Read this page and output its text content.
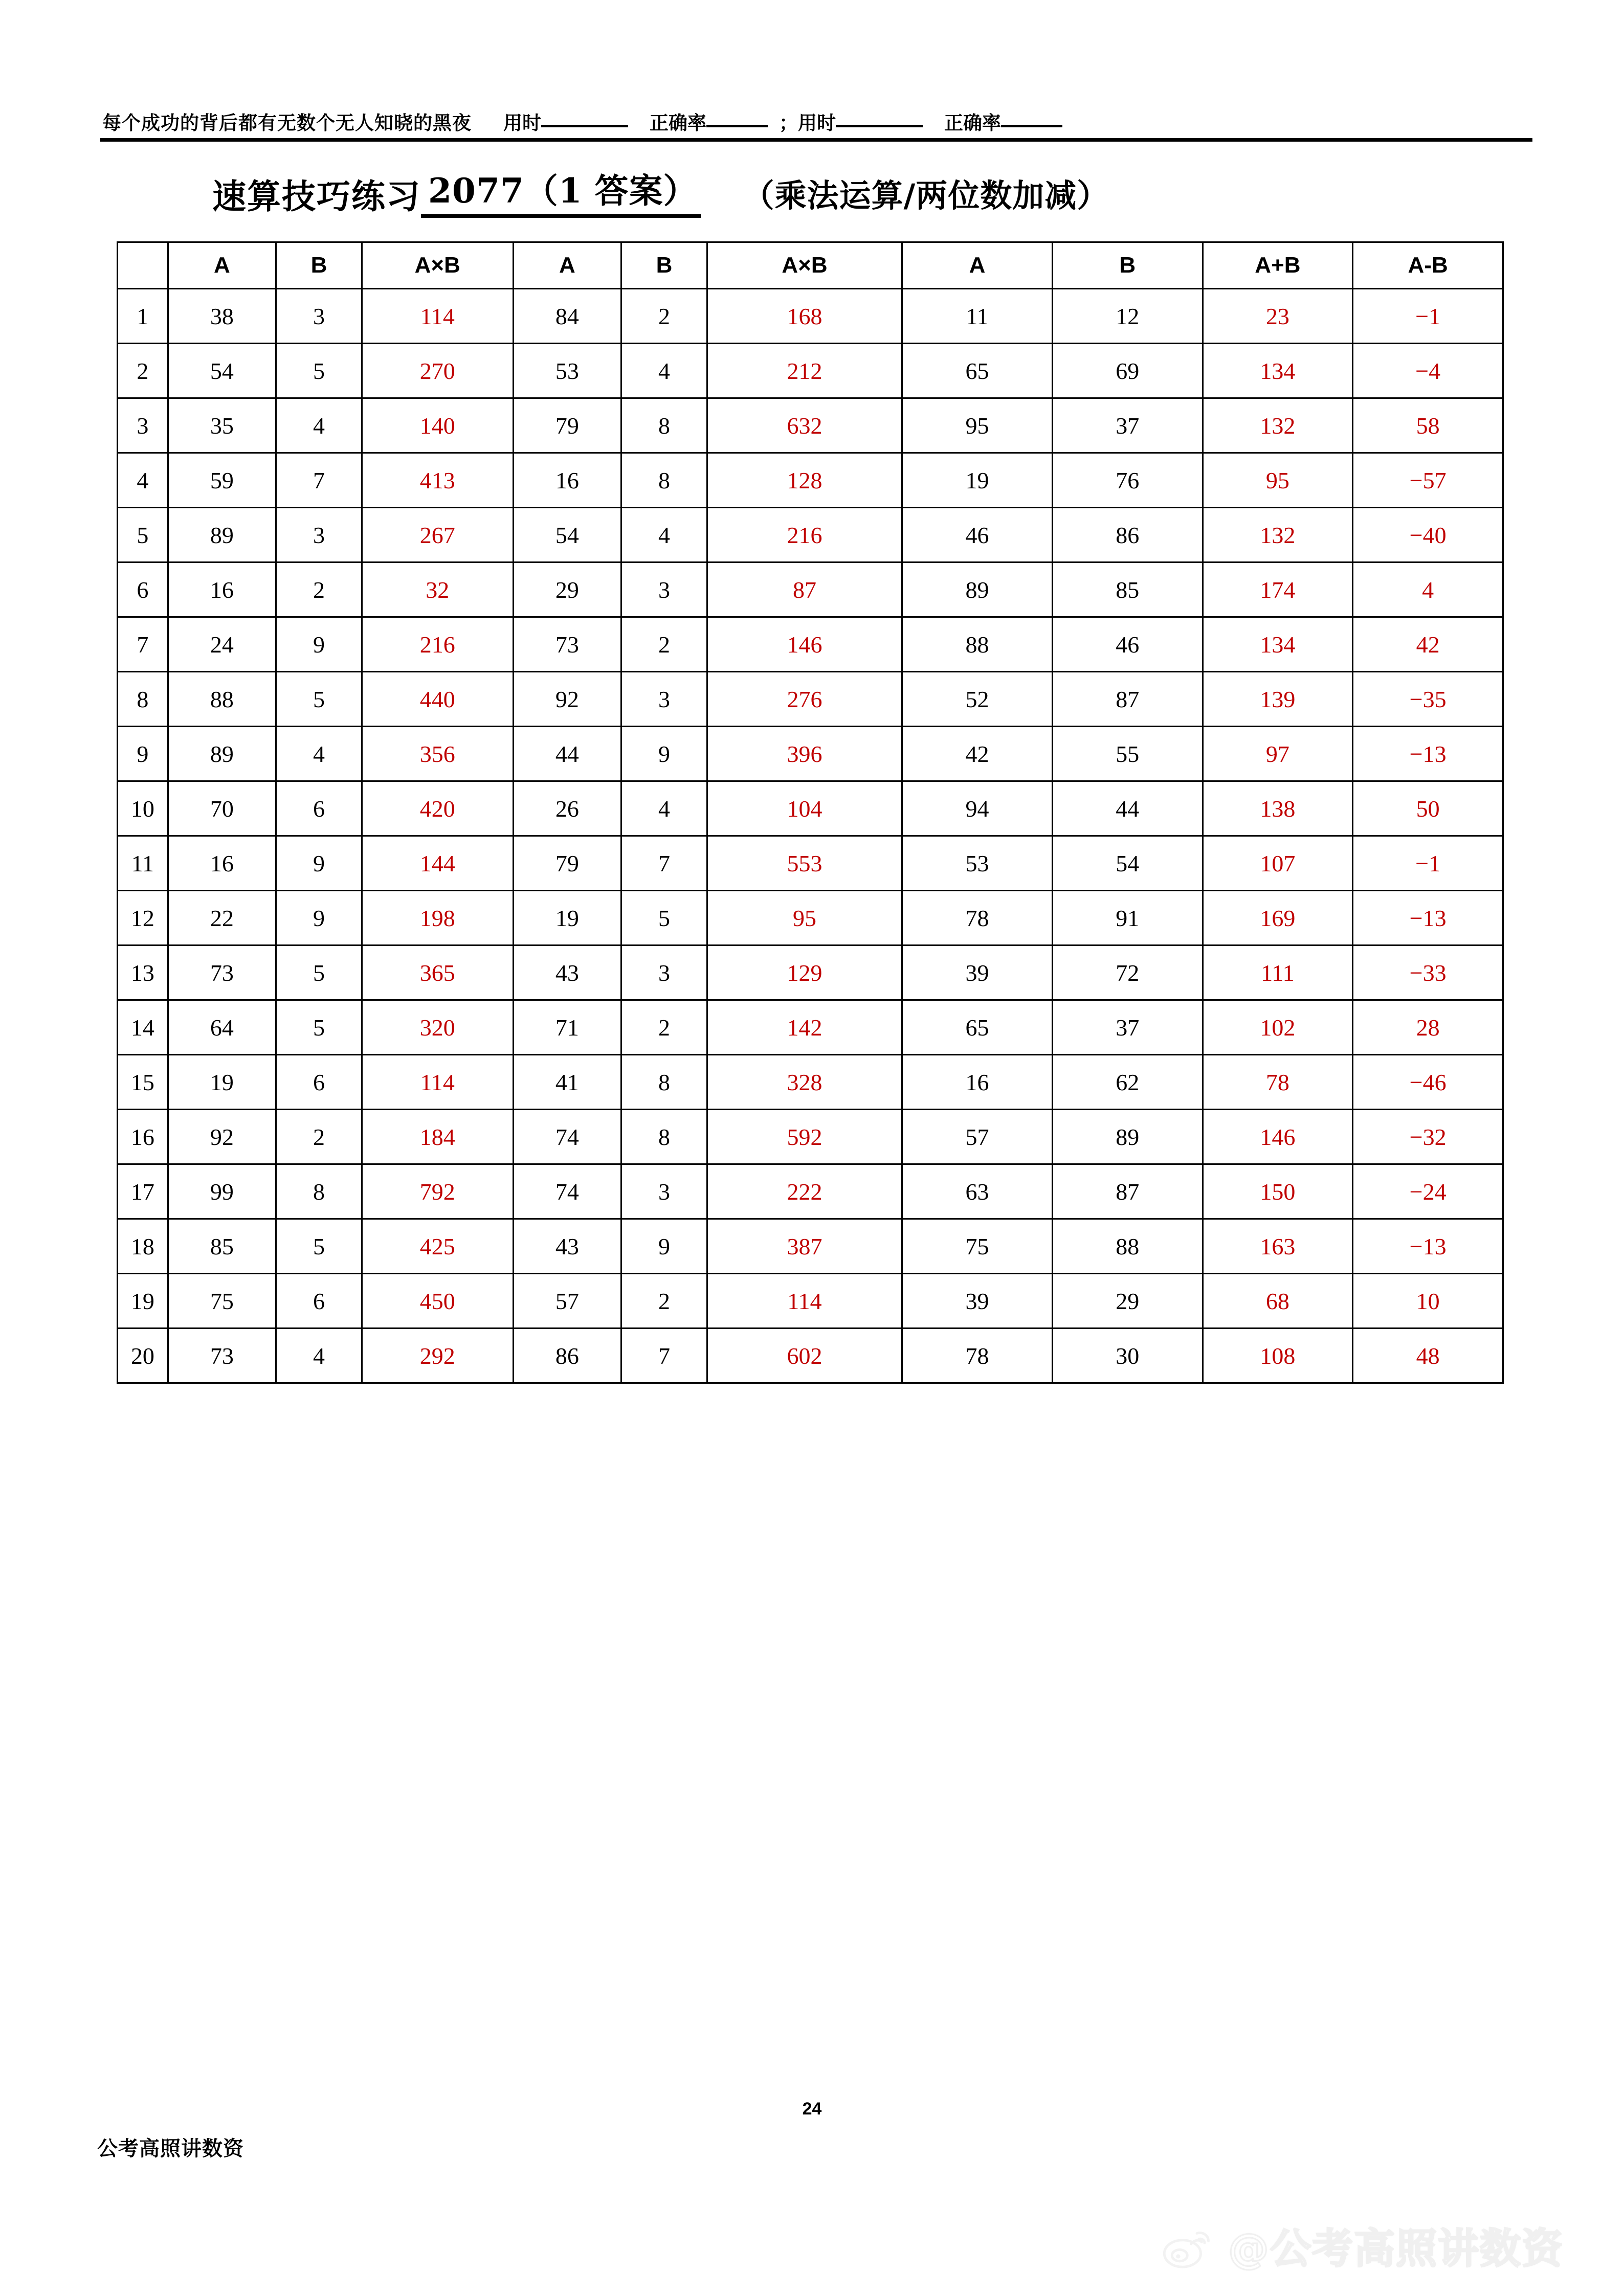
每个成功的背后都有无数个无人知晓的黑夜 用时	正确率	； 用时	正确率
速算技巧练习 2077（1 答案）	（乘法运算/两位数加减）
	A	B	A×B	A	B	A×B	A	B	A+B	A-B
1	38	3	114	84	2	168	11	12	23	−1
2	54	5	270	53	4	212	65	69	134	−4
3	35	4	140	79	8	632	95	37	132	58
4	59	7	413	16	8	128	19	76	95	−57
5	89	3	267	54	4	216	46	86	132	−40
6	16	2	32	29	3	87	89	85	174	4
7	24	9	216	73	2	146	88	46	134	42
8	88	5	440	92	3	276	52	87	139	−35
9	89	4	356	44	9	396	42	55	97	−13
10	70	6	420	26	4	104	94	44	138	50
11	16	9	144	79	7	553	53	54	107	−1
12	22	9	198	19	5	95	78	91	169	−13
13	73	5	365	43	3	129	39	72	111	−33
14	64	5	320	71	2	142	65	37	102	28
15	19	6	114	41	8	328	16	62	78	−46
16	92	2	184	74	8	592	57	89	146	−32
17	99	8	792	74	3	222	63	87	150	−24
18	85	5	425	43	9	387	75	88	163	−13
19	75	6	450	57	2	114	39	29	68	10
20	73	4	292	86	7	602	78	30	108	48
24
公考高照讲数资
@公考高照讲数资
